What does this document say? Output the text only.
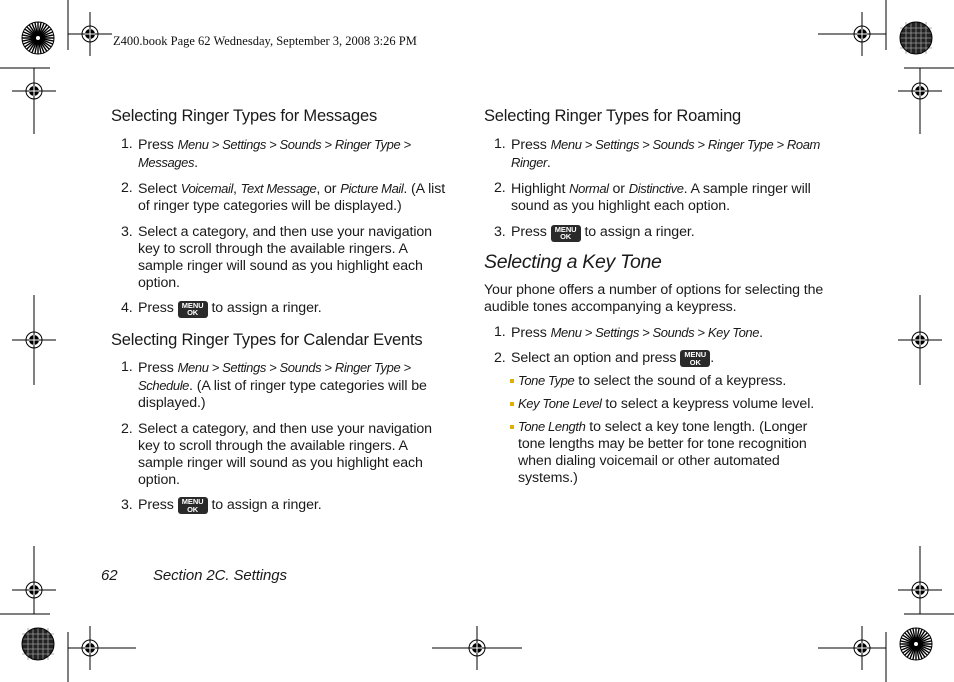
Z400.book Page 62 Wednesday, September 3, 2008 3:26 PM
Selecting Ringer Types for Messages
1. Press Menu > Settings > Sounds > Ringer Type > Messages.
2. Select Voicemail, Text Message, or Picture Mail. (A list of ringer type categories will be displayed.)
3. Select a category, and then use your navigation key to scroll through the available ringers. A sample ringer will sound as you highlight each option.
4. Press MENU
OK to assign a ringer.
Selecting Ringer Types for Calendar Events
1. Press Menu > Settings > Sounds > Ringer Type > Schedule. (A list of ringer type categories will be displayed.)
2. Select a category, and then use your navigation key to scroll through the available ringers. A sample ringer will sound as you highlight each option.
3. Press MENU
OK to assign a ringer.
Selecting Ringer Types for Roaming
1. Press Menu > Settings > Sounds > Ringer Type > Roam Ringer.
2. Highlight Normal or Distinctive. A sample ringer will sound as you highlight each option.
3. Press MENU
OK to assign a ringer.
Selecting a Key Tone
Your phone offers a number of options for selecting the audible tones accompanying a keypress.
1. Press Menu > Settings > Sounds > Key Tone.
2. Select an option and press MENU
OK .
Tone Type to select the sound of a keypress.
Key Tone Level to select a keypress volume level.
Tone Length to select a key tone length. (Longer tone lengths may be better for tone recognition when dialing voicemail or other automated systems.)
62 Section 2C. Settings
